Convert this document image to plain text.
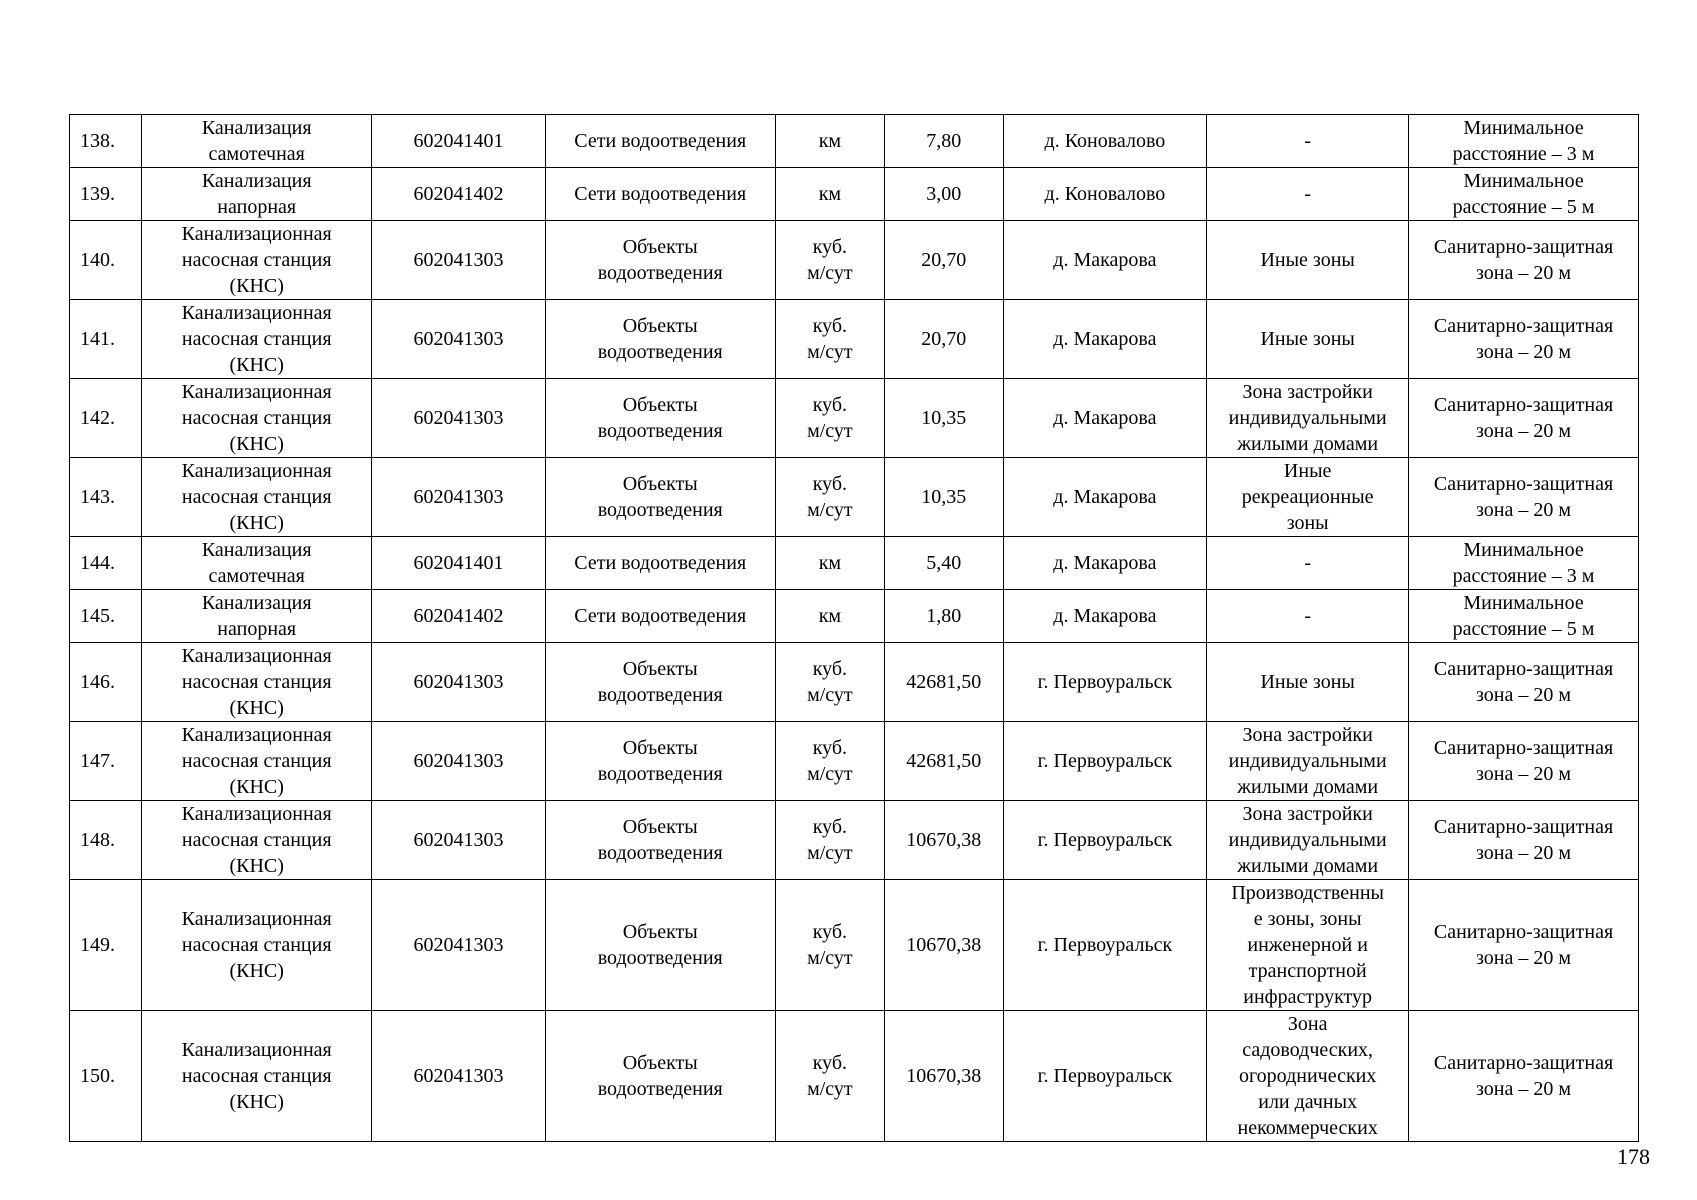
138.	Канализация
самотечная	602041401	Сети водоотведения	км	7,80	д. Коновалово	-	Минимальное
расстояние – 3 м
139.	Канализация
напорная	602041402	Сети водоотведения	км	3,00	д. Коновалово	-	Минимальное
расстояние – 5 м
140.	Канализационная
насосная станция
(КНС)	602041303	Объекты
водоотведения	куб.
м/сут	20,70	д. Макарова	Иные зоны	Санитарно-защитная
зона – 20 м
141.	Канализационная
насосная станция
(КНС)	602041303	Объекты
водоотведения	куб.
м/сут	20,70	д. Макарова	Иные зоны	Санитарно-защитная
зона – 20 м
142.	Канализационная
насосная станция
(КНС)	602041303	Объекты
водоотведения	куб.
м/сут	10,35	д. Макарова	Зона застройки
индивидуальными
жилыми домами	Санитарно-защитная
зона – 20 м
143.	Канализационная
насосная станция
(КНС)	602041303	Объекты
водоотведения	куб.
м/сут	10,35	д. Макарова	Иные
рекреационные
зоны	Санитарно-защитная
зона – 20 м
144.	Канализация
самотечная	602041401	Сети водоотведения	км	5,40	д. Макарова	-	Минимальное
расстояние – 3 м
145.	Канализация
напорная	602041402	Сети водоотведения	км	1,80	д. Макарова	-	Минимальное
расстояние – 5 м
146.	Канализационная
насосная станция
(КНС)	602041303	Объекты
водоотведения	куб.
м/сут	42681,50	г. Первоуральск	Иные зоны	Санитарно-защитная
зона – 20 м
147.	Канализационная
насосная станция
(КНС)	602041303	Объекты
водоотведения	куб.
м/сут	42681,50	г. Первоуральск	Зона застройки
индивидуальными
жилыми домами	Санитарно-защитная
зона – 20 м
148.	Канализационная
насосная станция
(КНС)	602041303	Объекты
водоотведения	куб.
м/сут	10670,38	г. Первоуральск	Зона застройки
индивидуальными
жилыми домами	Санитарно-защитная
зона – 20 м
149.	Канализационная
насосная станция
(КНС)	602041303	Объекты
водоотведения	куб.
м/сут	10670,38	г. Первоуральск	Производственны
е зоны, зоны
инженерной и
транспортной
инфраструктур	Санитарно-защитная
зона – 20 м
150.	Канализационная
насосная станция
(КНС)	602041303	Объекты
водоотведения	куб.
м/сут	10670,38	г. Первоуральск	Зона
садоводческих,
огороднических
или дачных
некоммерческих	Санитарно-защитная
зона – 20 м
178
